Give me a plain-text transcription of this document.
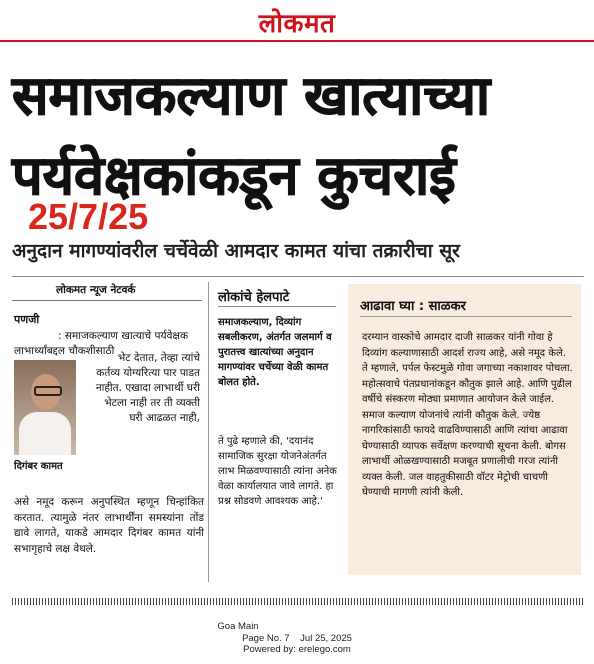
लोकमत
समाजकल्याण खात्याच्या
पर्यवेक्षकांकडून कुचराई
25/7/25
अनुदान मागण्यांवरील चर्चेवेळी आमदार कामत यांचा तक्रारीचा सूर
लोकमत न्यूज नेटवर्क
पणजी
: समाजकल्याण खात्याचे पर्यवेक्षक लाभार्थ्यांबद्दल चौकशीसाठी
दिगंबर कामत
भेट देतात, तेव्हा त्यांचे कर्तव्य योग्यरित्या पार पाडत नाहीत. एखादा लाभार्थी घरी भेटला नाही तर ती व्यक्ती घरी आढळत नाही,
असे नमूद करून अनुपस्थित म्हणून चिन्हांकित करतात. त्यामुळे नंतर लाभार्थींना समस्यांना तोंड द्यावे लागते, याकडे आमदार दिगंबर कामत यांनी सभागृहाचे लक्ष वेधले.
लोकांचे हेलपाटे
समाजकल्याण, दिव्यांग सबलीकरण, अंतर्गत जलमार्ग व पुरातत्त्व खात्यांच्या अनुदान मागण्यांवर चर्चेच्या वेळी कामत बोलत होते.
ते पुढे म्हणाले की, 'दयानंद सामाजिक सुरक्षा योजनेअंतर्गत लाभ मिळवण्यासाठी त्यांना अनेक वेळा कार्यालयात जावे लागते. हा प्रश्न सोडवणे आवश्यक आहे.'
आढावा घ्या : साळकर
दरम्यान वास्कोचे आमदार दाजी साळकर यांनी गोवा हे दिव्यांग कल्याणासाठी आदर्श राज्य आहे, असे नमूद केले. ते म्हणाले, पर्पल फेस्टमुळे गोवा जगाच्या नकाशावर पोचला. महोत्सवाचे पंतप्रधानांकडून कौतुक झाले आहे. आणि पुढील वर्षीचे संस्करण मोठ्या प्रमाणात आयोजन केले जाईल. समाज कल्याण योजनांचे त्यांनी कौतुक केले. ज्येष्ठ नागरिकांसाठी फायदे वाढविण्यासाठी आणि त्यांचा आढावा घेण्यासाठी व्यापक सर्वेक्षण करण्याची सूचना केली. बोगस लाभार्थी ओळखण्यासाठी मजबूत प्रणालीची गरज त्यांनी व्यक्त केली. जल वाहतुकीसाठी वॉटर मेट्रोची चाचणी घेण्याची मागणी त्यांनी केली.
Goa Main
Page No. 7 Jul 25, 2025
Powered by: erelego.com
